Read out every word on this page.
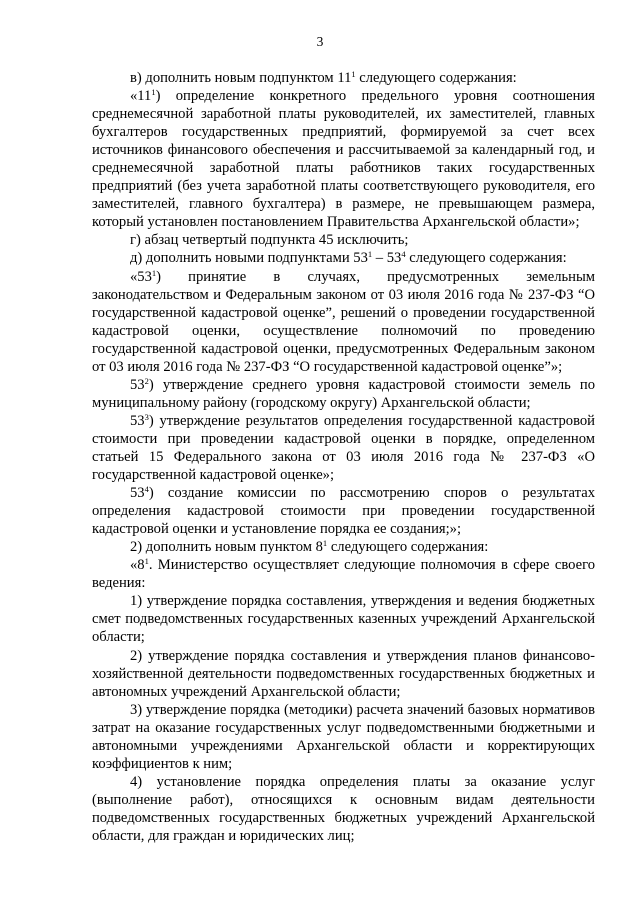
3

в) дополнить новым подпунктом $11^1$ следующего содержания:

«$11^1$) определение конкретного предельного уровня соотношения среднемесячной заработной платы руководителей, их заместителей, главных бухгалтеров государственных предприятий, формируемой за счет всех источников финансового обеспечения и рассчитываемой за календарный год, и среднемесячной заработной платы работников таких государственных предприятий (без учета заработной платы соответствующего руководителя, его заместителей, главного бухгалтера) в размере, не превышающем размера, который установлен постановлением Правительства Архангельской области»;

г) абзац четвертый подпункта 45 исключить;

д) дополнить новыми подпунктами $53^1 - 53^4$ следующего содержания:

«$53^1$) принятие в случаях, предусмотренных земельным законодательством и Федеральным законом от 03 июля 2016 года № 237-ФЗ “О государственной кадастровой оценке”, решений о проведении государственной кадастровой оценки, осуществление полномочий по проведению государственной кадастровой оценки, предусмотренных Федеральным законом от 03 июля 2016 года № 237-ФЗ “О государственной кадастровой оценке”»;

$53^2$) утверждение среднего уровня кадастровой стоимости земель по муниципальному району (городскому округу) Архангельской области;

$53^3$) утверждение результатов определения государственной кадастровой стоимости при проведении кадастровой оценки в порядке, определенном статьей 15 Федерального закона от 03 июля 2016 года № 237-ФЗ «О государственной кадастровой оценке»;

$53^4$) создание комиссии по рассмотрению споров о результатах определения кадастровой стоимости при проведении государственной кадастровой оценки и установление порядка ее создания;»;

2) дополнить новым пунктом $8^1$ следующего содержания:

«$8^1$. Министерство осуществляет следующие полномочия в сфере своего ведения:

1) утверждение порядка составления, утверждения и ведения бюджетных смет подведомственных государственных казенных учреждений Архангельской области;

2) утверждение порядка составления и утверждения планов финансово-хозяйственной деятельности подведомственных государственных бюджетных и автономных учреждений Архангельской области;

3) утверждение порядка (методики) расчета значений базовых нормативов затрат на оказание государственных услуг подведомственными бюджетными и автономными учреждениями Архангельской области и корректирующих коэффициентов к ним;

4) установление порядка определения платы за оказание услуг (выполнение работ), относящихся к основным видам деятельности подведомственных государственных бюджетных учреждений Архангельской области, для граждан и юридических лиц;
